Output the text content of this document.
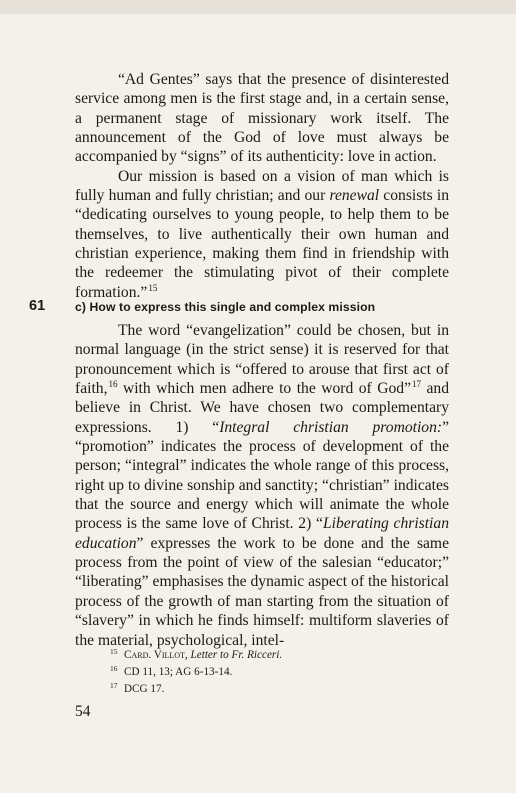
“Ad Gentes” says that the presence of disinterested service among men is the first stage and, in a certain sense, a permanent stage of missionary work itself. The announcement of the God of love must always be accompanied by “signs” of its authenticity: love in action.

Our mission is based on a vision of man which is fully human and fully christian; and our renewal consists in “dedicating ourselves to young people, to help them to be themselves, to live authentically their own human and christian experience, making them find in friendship with the redeemer the stimulating pivot of their complete formation.”$^{15}$

61 c) How to express this single and complex mission

The word “evangelization” could be chosen, but in normal language (in the strict sense) it is reserved for that pronouncement which is “offered to arouse that first act of faith,$^{16}$ with which men adhere to the word of God”$^{17}$ and believe in Christ. We have chosen two complementary expressions. 1) “Integral christian promotion:” “promotion” indicates the process of development of the person; “integral” indicates the whole range of this process, right up to divine sonship and sanctity; “christian” indicates that the source and energy which will animate the whole process is the same love of Christ. 2) “Liberating christian education” expresses the work to be done and the same process from the point of view of the salesian “educator;” “liberating” emphasises the dynamic aspect of the historical process of the growth of man starting from the situation of “slavery” in which he finds himself: multiform slaveries of the material, psychological, intel-

15 Card. Villot, Letter to Fr. Ricceri.
16 CD 11, 13; AG 6-13-14.
17 DCG 17.
54
